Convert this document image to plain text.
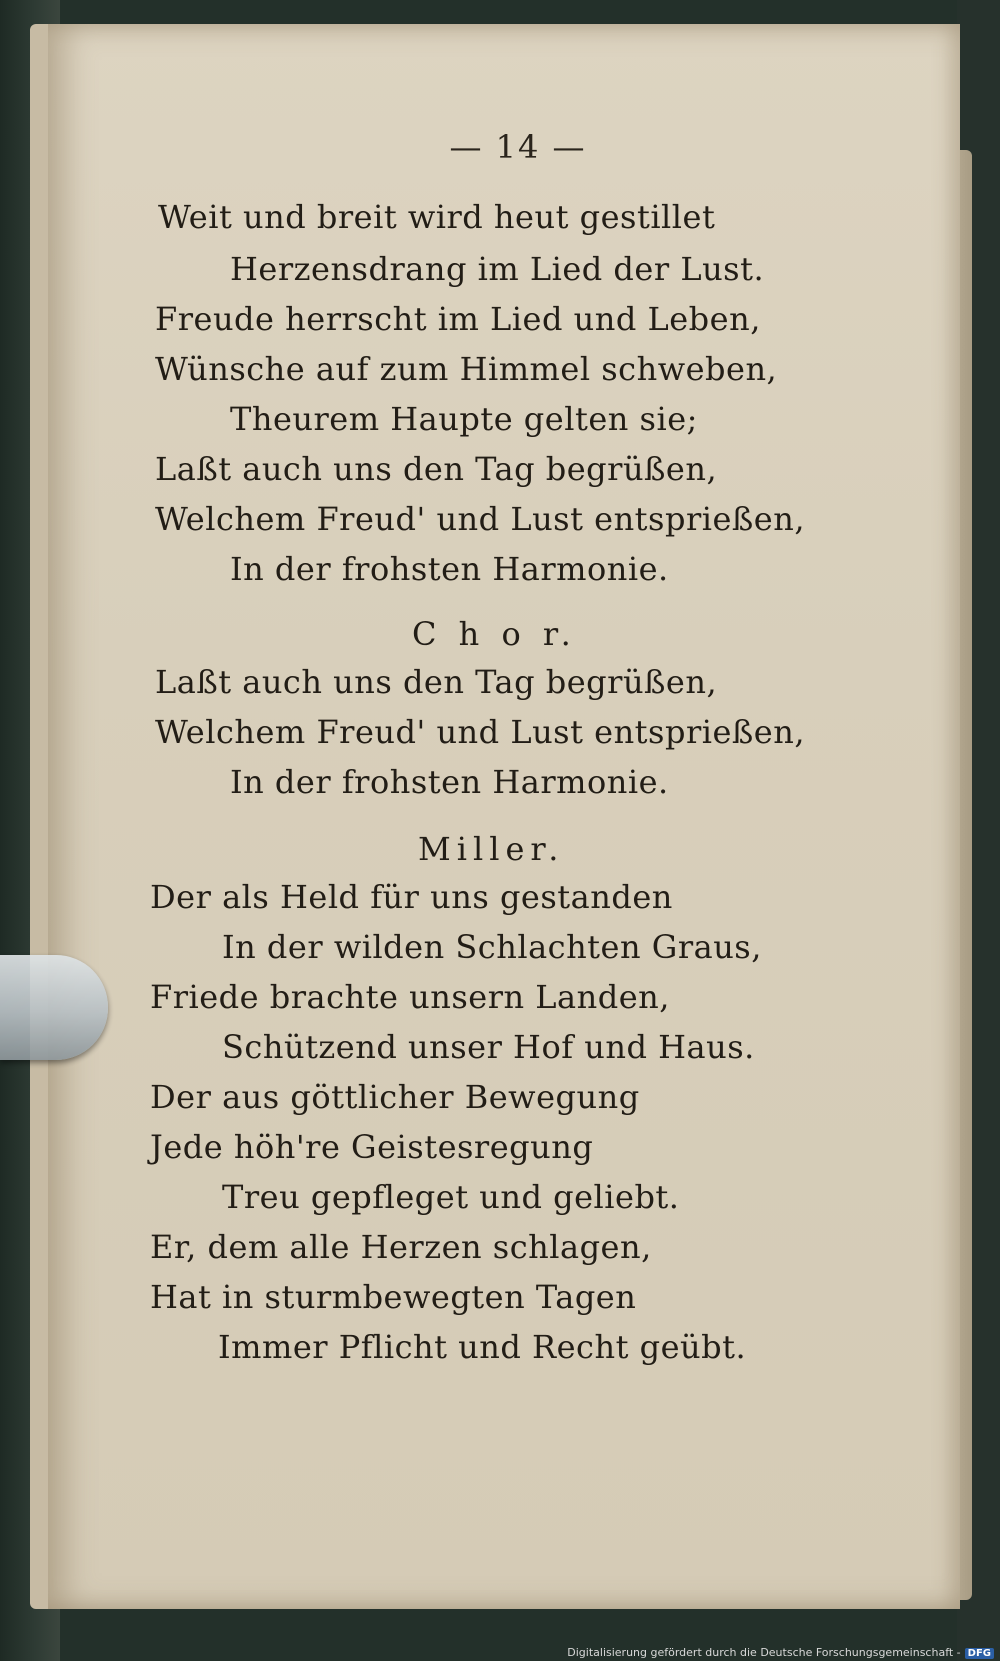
— 14 —
Weit und breit wird heut gestillet
Herzensdrang im Lied der Lust.
Freude herrscht im Lied und Leben,
Wünsche auf zum Himmel schweben,
Theurem Haupte gelten sie;
Laßt auch uns den Tag begrüßen,
Welchem Freud' und Lust entsprießen,
In der frohsten Harmonie.
C h o r.
Laßt auch uns den Tag begrüßen,
Welchem Freud' und Lust entsprießen,
In der frohsten Harmonie.
Miller.
Der als Held für uns gestanden
In der wilden Schlachten Graus,
Friede brachte unsern Landen,
Schützend unser Hof und Haus.
Der aus göttlicher Bewegung
Jede höh're Geistesregung
Treu gepfleget und geliebt.
Er, dem alle Herzen schlagen,
Hat in sturmbewegten Tagen
Immer Pflicht und Recht geübt.
Digitalisierung gefördert durch die Deutsche Forschungsgemeinschaft - DFG
